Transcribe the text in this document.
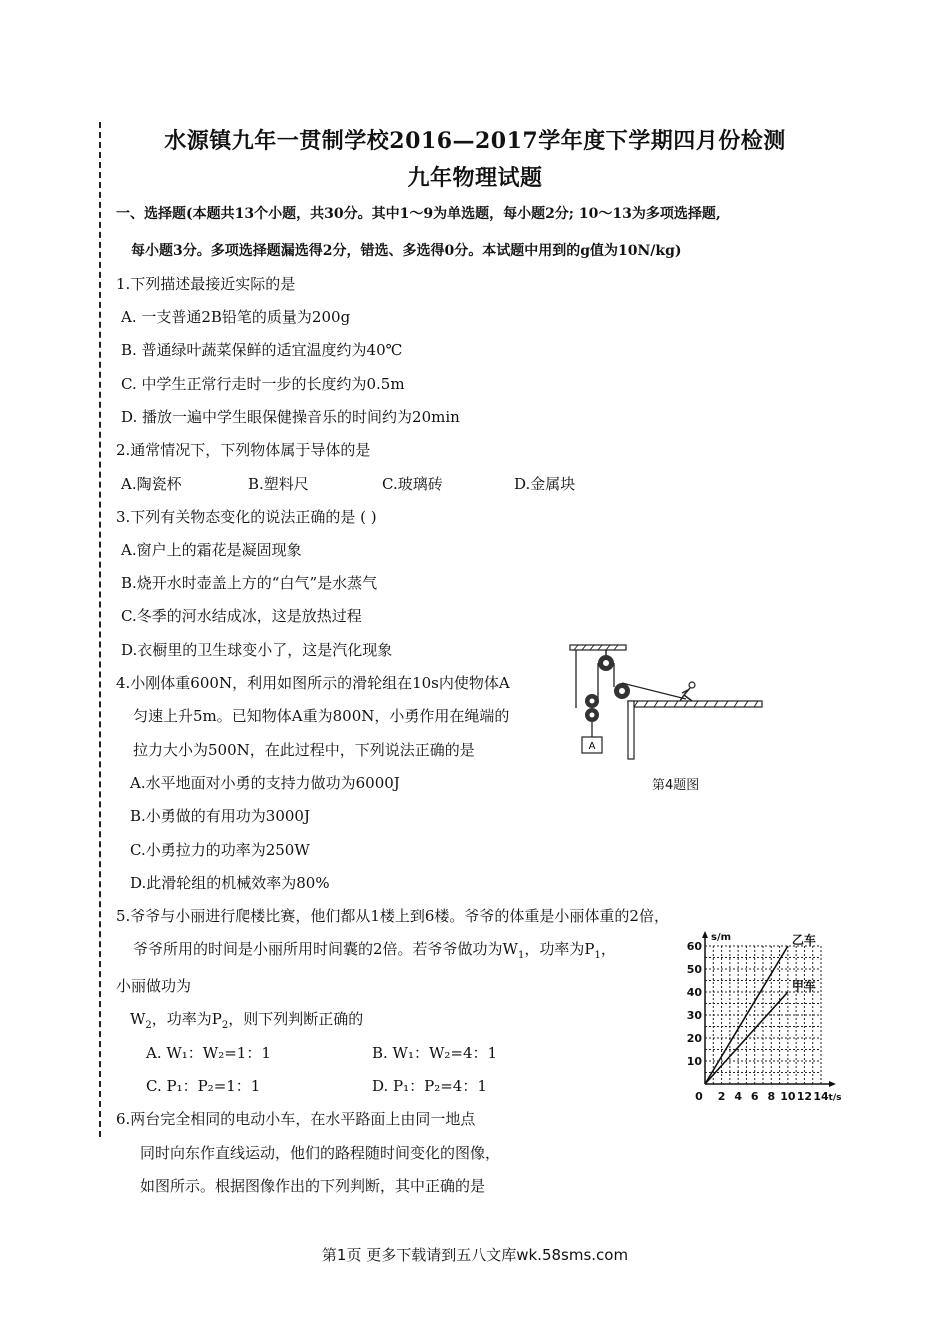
水源镇九年一贯制学校2016—2017学年度下学期四月份检测
九年物理试题
一、选择题(本题共13个小题，共30分。其中1～9为单选题，每小题2分; 10～13为多项选择题,
每小题3分。多项选择题漏选得2分，错选、多选得0分。本试题中用到的g值为10N/kg)
1.下列描述最接近实际的是
A. 一支普通2B铅笔的质量为200g
B. 普通绿叶蔬菜保鲜的适宜温度约为40℃
C. 中学生正常行走时一步的长度约为0.5m
D. 播放一遍中学生眼保健操音乐的时间约为20min
2.通常情况下，下列物体属于导体的是
A.陶瓷杯	B.塑料尺	C.玻璃砖	D.金属块
3.下列有关物态变化的说法正确的是 ( )
A.窗户上的霜花是凝固现象
B.烧开水时壶盖上方的“白气”是水蒸气
C.冬季的河水结成冰，这是放热过程
D.衣橱里的卫生球变小了，这是汽化现象
4.小刚体重600N，利用如图所示的滑轮组在10s内使物体A
匀速上升5m。已知物体A重为800N，小勇作用在绳端的
拉力大小为500N，在此过程中，下列说法正确的是
A.水平地面对小勇的支持力做功为6000J
B.小勇做的有用功为3000J
C.小勇拉力的功率为250W
D.此滑轮组的机械效率为80%
A
第4题图
5.爷爷与小丽进行爬楼比赛，他们都从1楼上到6楼。爷爷的体重是小丽体重的2倍，
爷爷所用的时间是小丽所用时间囊的2倍。若爷爷做功为$W_1$，功率为$P_1$，
小丽做功为
$W_2$，功率为$P_2$，则下列判断正确的
A. W₁：W₂=1：1	B. W₁：W₂=4：1
C. P₁：P₂=1：1	D. P₁：P₂=4：1
6.两台完全相同的电动小车，在水平路面上由同一地点
同时向东作直线运动，他们的路程随时间变化的图像，
如图所示。根据图像作出的下列判断，其中正确的是
s/m
t/s
10
20
30
40
50
60
0 2 4 6 8 10 12 14
乙车
甲车
第1页 更多下载请到五八文库wk.58sms.com
